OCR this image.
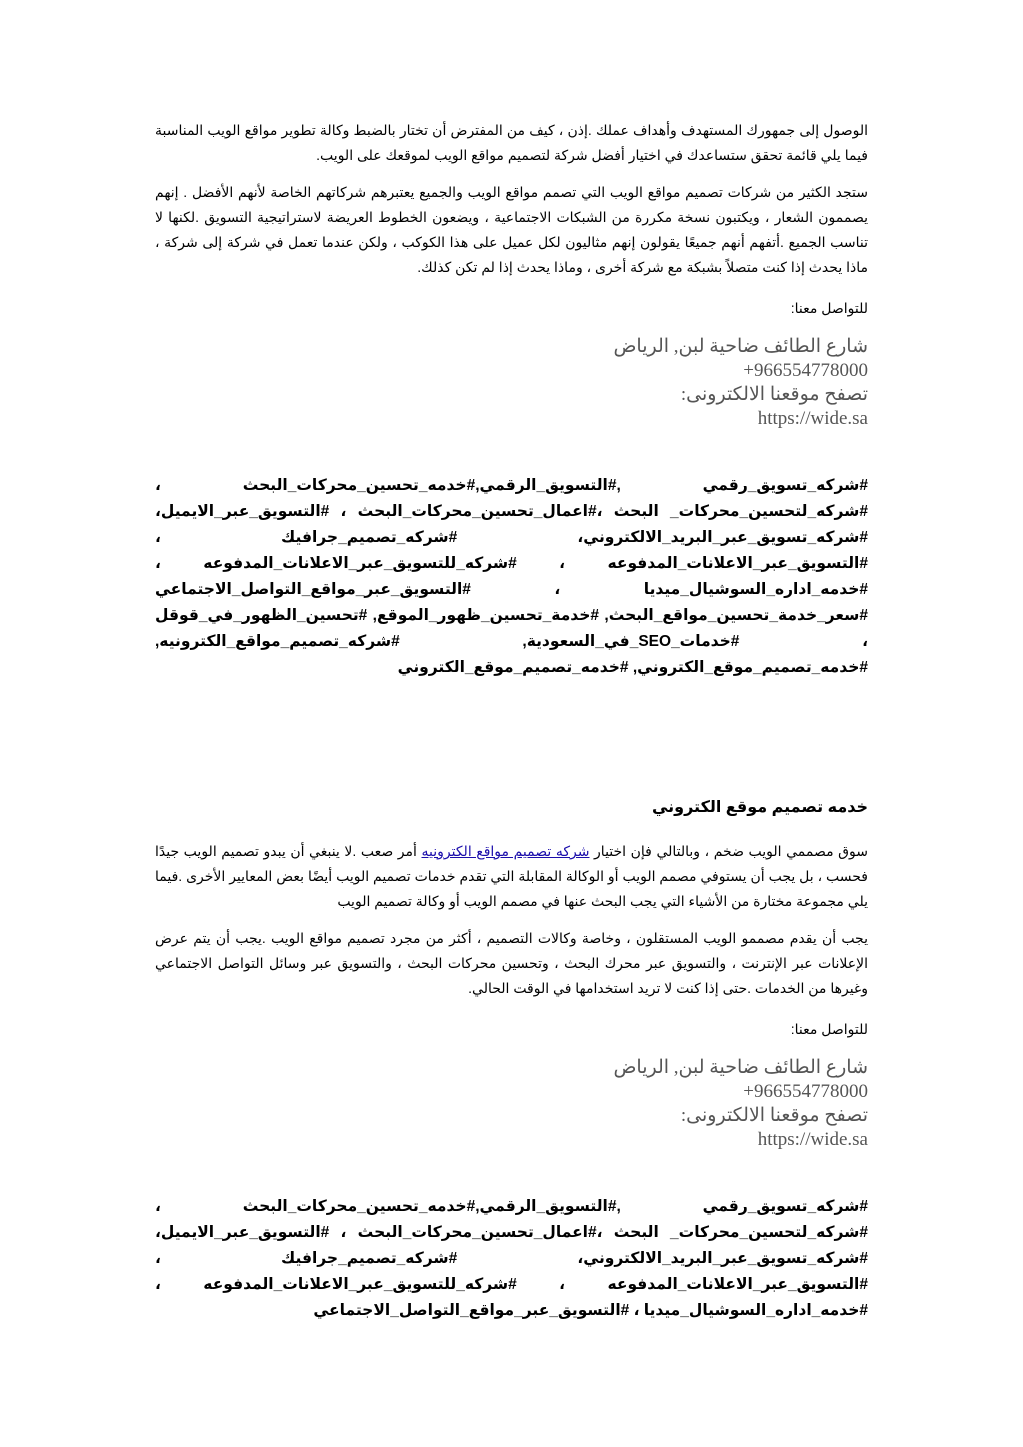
الوصول إلى جمهورك المستهدف وأهداف عملك .إذن ، كيف من المفترض أن تختار بالضبط وكالة تطوير مواقع الويب المناسبة فيما يلي قائمة تحقق ستساعدك في اختيار أفضل شركة لتصميم مواقع الويب لموقعك على الويب.

ستجد الكثير من شركات تصميم مواقع الويب التي تصمم مواقع الويب والجميع يعتبرهم شركاتهم الخاصة لأنهم الأفضل . إنهم يصممون الشعار ، ويكتبون نسخة مكررة من الشبكات الاجتماعية ، ويضعون الخطوط العريضة لاستراتيجية التسويق .لكنها لا تناسب الجميع .أتفهم أنهم جميعًا يقولون إنهم مثاليون لكل عميل على هذا الكوكب ، ولكن عندما تعمل في شركة إلى شركة ، ماذا يحدث إذا كنت متصلاً بشبكة مع شركة أخرى ، وماذا يحدث إذا لم تكن كذلك.

للتواصل معنا:
شارع الطائف ضاحية لبن, الرياض
+966554778000
تصفح موقعنا الالكترونى:
https://wide.sa

#شركه_تسويق_رقمي ,#التسويق_الرقمي,#خدمه_تحسين_محركات_البحث ، #شركه_لتحسين_محركات_ البحث ،#اعمال_تحسين_محركات_البحث ، #التسويق_عبر_الايميل، #شركه_تسويق_عبر_البريد_الالكتروني، #شركه_تصميم_جرافيك ، #التسويق_عبر_الاعلانات_المدفوعه ، #شركه_للتسويق_عبر_الاعلانات_المدفوعه ، #خدمه_اداره_السوشيال_ميديا ، #التسويق_عبر_مواقع_التواصل_الاجتماعي #سعر_خدمة_تحسين_مواقع_البحث, #خدمة_تحسين_ظهور_الموقع, #تحسين_الظهور_في_قوقل ، #خدمات_SEO_في_السعودية, #شركه_تصميم_مواقع_الكترونيه, #خدمه_تصميم_موقع_الكتروني, #خدمه_تصميم_موقع_الكتروني

خدمه تصميم موقع الكتروني

سوق مصممي الويب ضخم ، وبالتالي فإن اختيار شركه تصميم مواقع الكترونيه أمر صعب .لا ينبغي أن يبدو تصميم الويب جيدًا فحسب ، بل يجب أن يستوفي مصمم الويب أو الوكالة المقابلة التي تقدم خدمات تصميم الويب أيضًا بعض المعايير الأخرى .فيما يلي مجموعة مختارة من الأشياء التي يجب البحث عنها في مصمم الويب أو وكالة تصميم الويب

يجب أن يقدم مصممو الويب المستقلون ، وخاصة وكالات التصميم ، أكثر من مجرد تصميم مواقع الويب .يجب أن يتم عرض الإعلانات عبر الإنترنت ، والتسويق عبر محرك البحث ، وتحسين محركات البحث ، والتسويق عبر وسائل التواصل الاجتماعي وغيرها من الخدمات .حتى إذا كنت لا تريد استخدامها في الوقت الحالي.

للتواصل معنا:
شارع الطائف ضاحية لبن, الرياض
+966554778000
تصفح موقعنا الالكترونى:
https://wide.sa

#شركه_تسويق_رقمي ,#التسويق_الرقمي,#خدمه_تحسين_محركات_البحث ، #شركه_لتحسين_محركات_ البحث ،#اعمال_تحسين_محركات_البحث ، #التسويق_عبر_الايميل، #شركه_تسويق_عبر_البريد_الالكتروني، #شركه_تصميم_جرافيك ، #التسويق_عبر_الاعلانات_المدفوعه ، #شركه_للتسويق_عبر_الاعلانات_المدفوعه ، #خدمه_اداره_السوشيال_ميديا ، #التسويق_عبر_مواقع_التواصل_الاجتماعي
